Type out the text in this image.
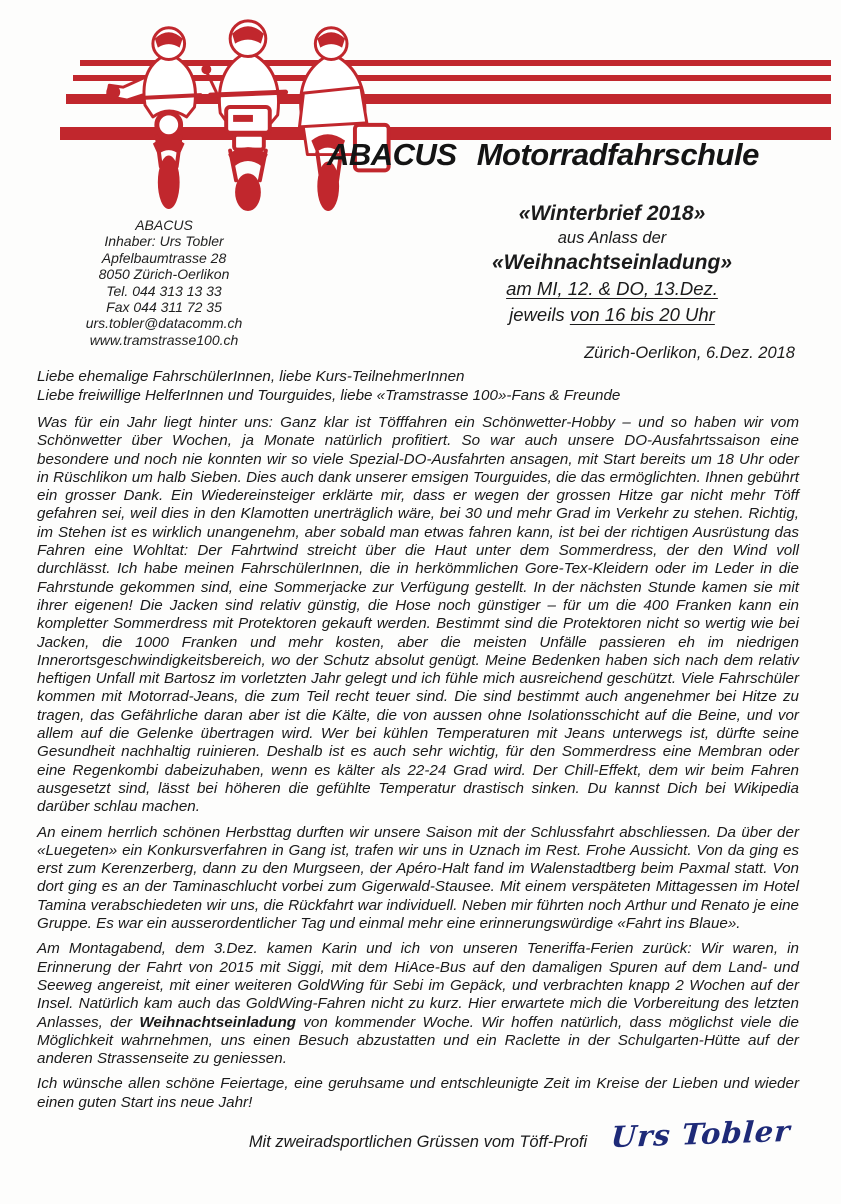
ABACUS Motorradfahrschule
ABACUS
Inhaber: Urs Tobler
Apfelbaumtrasse 28
8050 Zürich-Oerlikon
Tel. 044 313 13 33
Fax 044 311 72 35
urs.tobler@datacomm.ch
www.tramstrasse100.ch
«Winterbrief 2018»
aus Anlass der
«Weihnachtseinladung»
am MI, 12. & DO, 13.Dez.
jeweils von 16 bis 20 Uhr
Zürich-Oerlikon, 6.Dez. 2018
Liebe ehemalige FahrschülerInnen, liebe Kurs-TeilnehmerInnen
Liebe freiwillige HelferInnen und Tourguides, liebe «Tramstrasse 100»-Fans & Freunde

Was für ein Jahr liegt hinter uns: Ganz klar ist Töfffahren ein Schönwetter-Hobby – und so haben wir vom Schönwetter über Wochen, ja Monate natürlich profitiert. So war auch unsere DO-Ausfahrtssaison eine besondere und noch nie konnten wir so viele Spezial-DO-Ausfahrten ansagen, mit Start bereits um 18 Uhr oder in Rüschlikon um halb Sieben. Dies auch dank unserer emsigen Tourguides, die das ermöglichten. Ihnen gebührt ein grosser Dank. Ein Wiedereinsteiger erklärte mir, dass er wegen der grossen Hitze gar nicht mehr Töff gefahren sei, weil dies in den Klamotten unerträglich wäre, bei 30 und mehr Grad im Verkehr zu stehen. Richtig, im Stehen ist es wirklich unangenehm, aber sobald man etwas fahren kann, ist bei der richtigen Ausrüstung das Fahren eine Wohltat: Der Fahrtwind streicht über die Haut unter dem Sommerdress, der den Wind voll durchlässt. Ich habe meinen FahrschülerInnen, die in herkömmlichen Gore-Tex-Kleidern oder im Leder in die Fahrstunde gekommen sind, eine Sommerjacke zur Verfügung gestellt. In der nächsten Stunde kamen sie mit ihrer eigenen! Die Jacken sind relativ günstig, die Hose noch günstiger – für um die 400 Franken kann ein kompletter Sommerdress mit Protektoren gekauft werden. Bestimmt sind die Protektoren nicht so wertig wie bei Jacken, die 1000 Franken und mehr kosten, aber die meisten Unfälle passieren eh im niedrigen Innerortsgeschwindigkeitsbereich, wo der Schutz absolut genügt. Meine Bedenken haben sich nach dem relativ heftigen Unfall mit Bartosz im vorletzten Jahr gelegt und ich fühle mich ausreichend geschützt. Viele Fahrschüler kommen mit Motorrad-Jeans, die zum Teil recht teuer sind. Die sind bestimmt auch angenehmer bei Hitze zu tragen, das Gefährliche daran aber ist die Kälte, die von aussen ohne Isolationsschicht auf die Beine, und vor allem auf die Gelenke übertragen wird. Wer bei kühlen Temperaturen mit Jeans unterwegs ist, dürfte seine Gesundheit nachhaltig ruinieren. Deshalb ist es auch sehr wichtig, für den Sommerdress eine Membran oder eine Regenkombi dabeizuhaben, wenn es kälter als 22-24 Grad wird. Der Chill-Effekt, dem wir beim Fahren ausgesetzt sind, lässt bei höheren die gefühlte Temperatur drastisch sinken. Du kannst Dich bei Wikipedia darüber schlau machen.

An einem herrlich schönen Herbsttag durften wir unsere Saison mit der Schlussfahrt abschliessen. Da über der «Luegeten» ein Konkursverfahren in Gang ist, trafen wir uns in Uznach im Rest. Frohe Aussicht. Von da ging es erst zum Kerenzerberg, dann zu den Murgseen, der Apéro-Halt fand im Walenstadtberg beim Paxmal statt. Von dort ging es an der Taminaschlucht vorbei zum Gigerwald-Stausee. Mit einem verspäteten Mittagessen im Hotel Tamina verabschiedeten wir uns, die Rückfahrt war individuell. Neben mir führten noch Arthur und Renato je eine Gruppe. Es war ein ausserordentlicher Tag und einmal mehr eine erinnerungswürdige «Fahrt ins Blaue».

Am Montagabend, dem 3.Dez. kamen Karin und ich von unseren Teneriffa-Ferien zurück: Wir waren, in Erinnerung der Fahrt von 2015 mit Siggi, mit dem HiAce-Bus auf den damaligen Spuren auf dem Land- und Seeweg angereist, mit einer weiteren GoldWing für Sebi im Gepäck, und verbrachten knapp 2 Wochen auf der Insel. Natürlich kam auch das GoldWing-Fahren nicht zu kurz. Hier erwartete mich die Vorbereitung des letzten Anlasses, der Weihnachtseinladung von kommender Woche. Wir hoffen natürlich, dass möglichst viele die Möglichkeit wahrnehmen, uns einen Besuch abzustatten und ein Raclette in der Schulgarten-Hütte auf der anderen Strassenseite zu geniessen.

Ich wünsche allen schöne Feiertage, eine geruhsame und entschleunigte Zeit im Kreise der Lieben und wieder einen guten Start ins neue Jahr!

Mit zweiradsportlichen Grüssen vom Töff-Profi Urs Tobler
